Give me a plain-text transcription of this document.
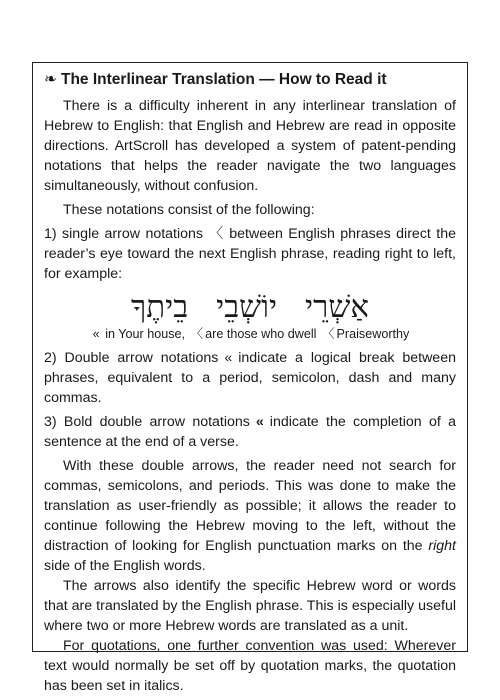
❧ The Interlinear Translation — How to Read it

There is a difficulty inherent in any interlinear translation of Hebrew to English: that English and Hebrew are read in opposite directions. ArtScroll has developed a system of patent-pending notations that helps the reader navigate the two languages simultaneously, without confusion.

These notations consist of the following:

1) single arrow notations 〈 between English phrases direct the reader’s eye toward the next English phrase, reading right to left, for example:

אַשְׁרֵי יוֹשְׁבֵי בֵיתֶךָ
« in Your house, 〈 are those who dwell 〈 Praiseworthy

2) Double arrow notations « indicate a logical break between phrases, equivalent to a period, semicolon, dash and many commas.

3) Bold double arrow notations « indicate the completion of a sentence at the end of a verse.

With these double arrows, the reader need not search for commas, semicolons, and periods. This was done to make the translation as user-friendly as possible; it allows the reader to continue following the Hebrew moving to the left, without the distraction of looking for English punctuation marks on the right side of the English words.

The arrows also identify the specific Hebrew word or words that are translated by the English phrase. This is especially useful where two or more Hebrew words are translated as a unit.

For quotations, one further convention was used: Wherever text would normally be set off by quotation marks, the quotation has been set in italics.
